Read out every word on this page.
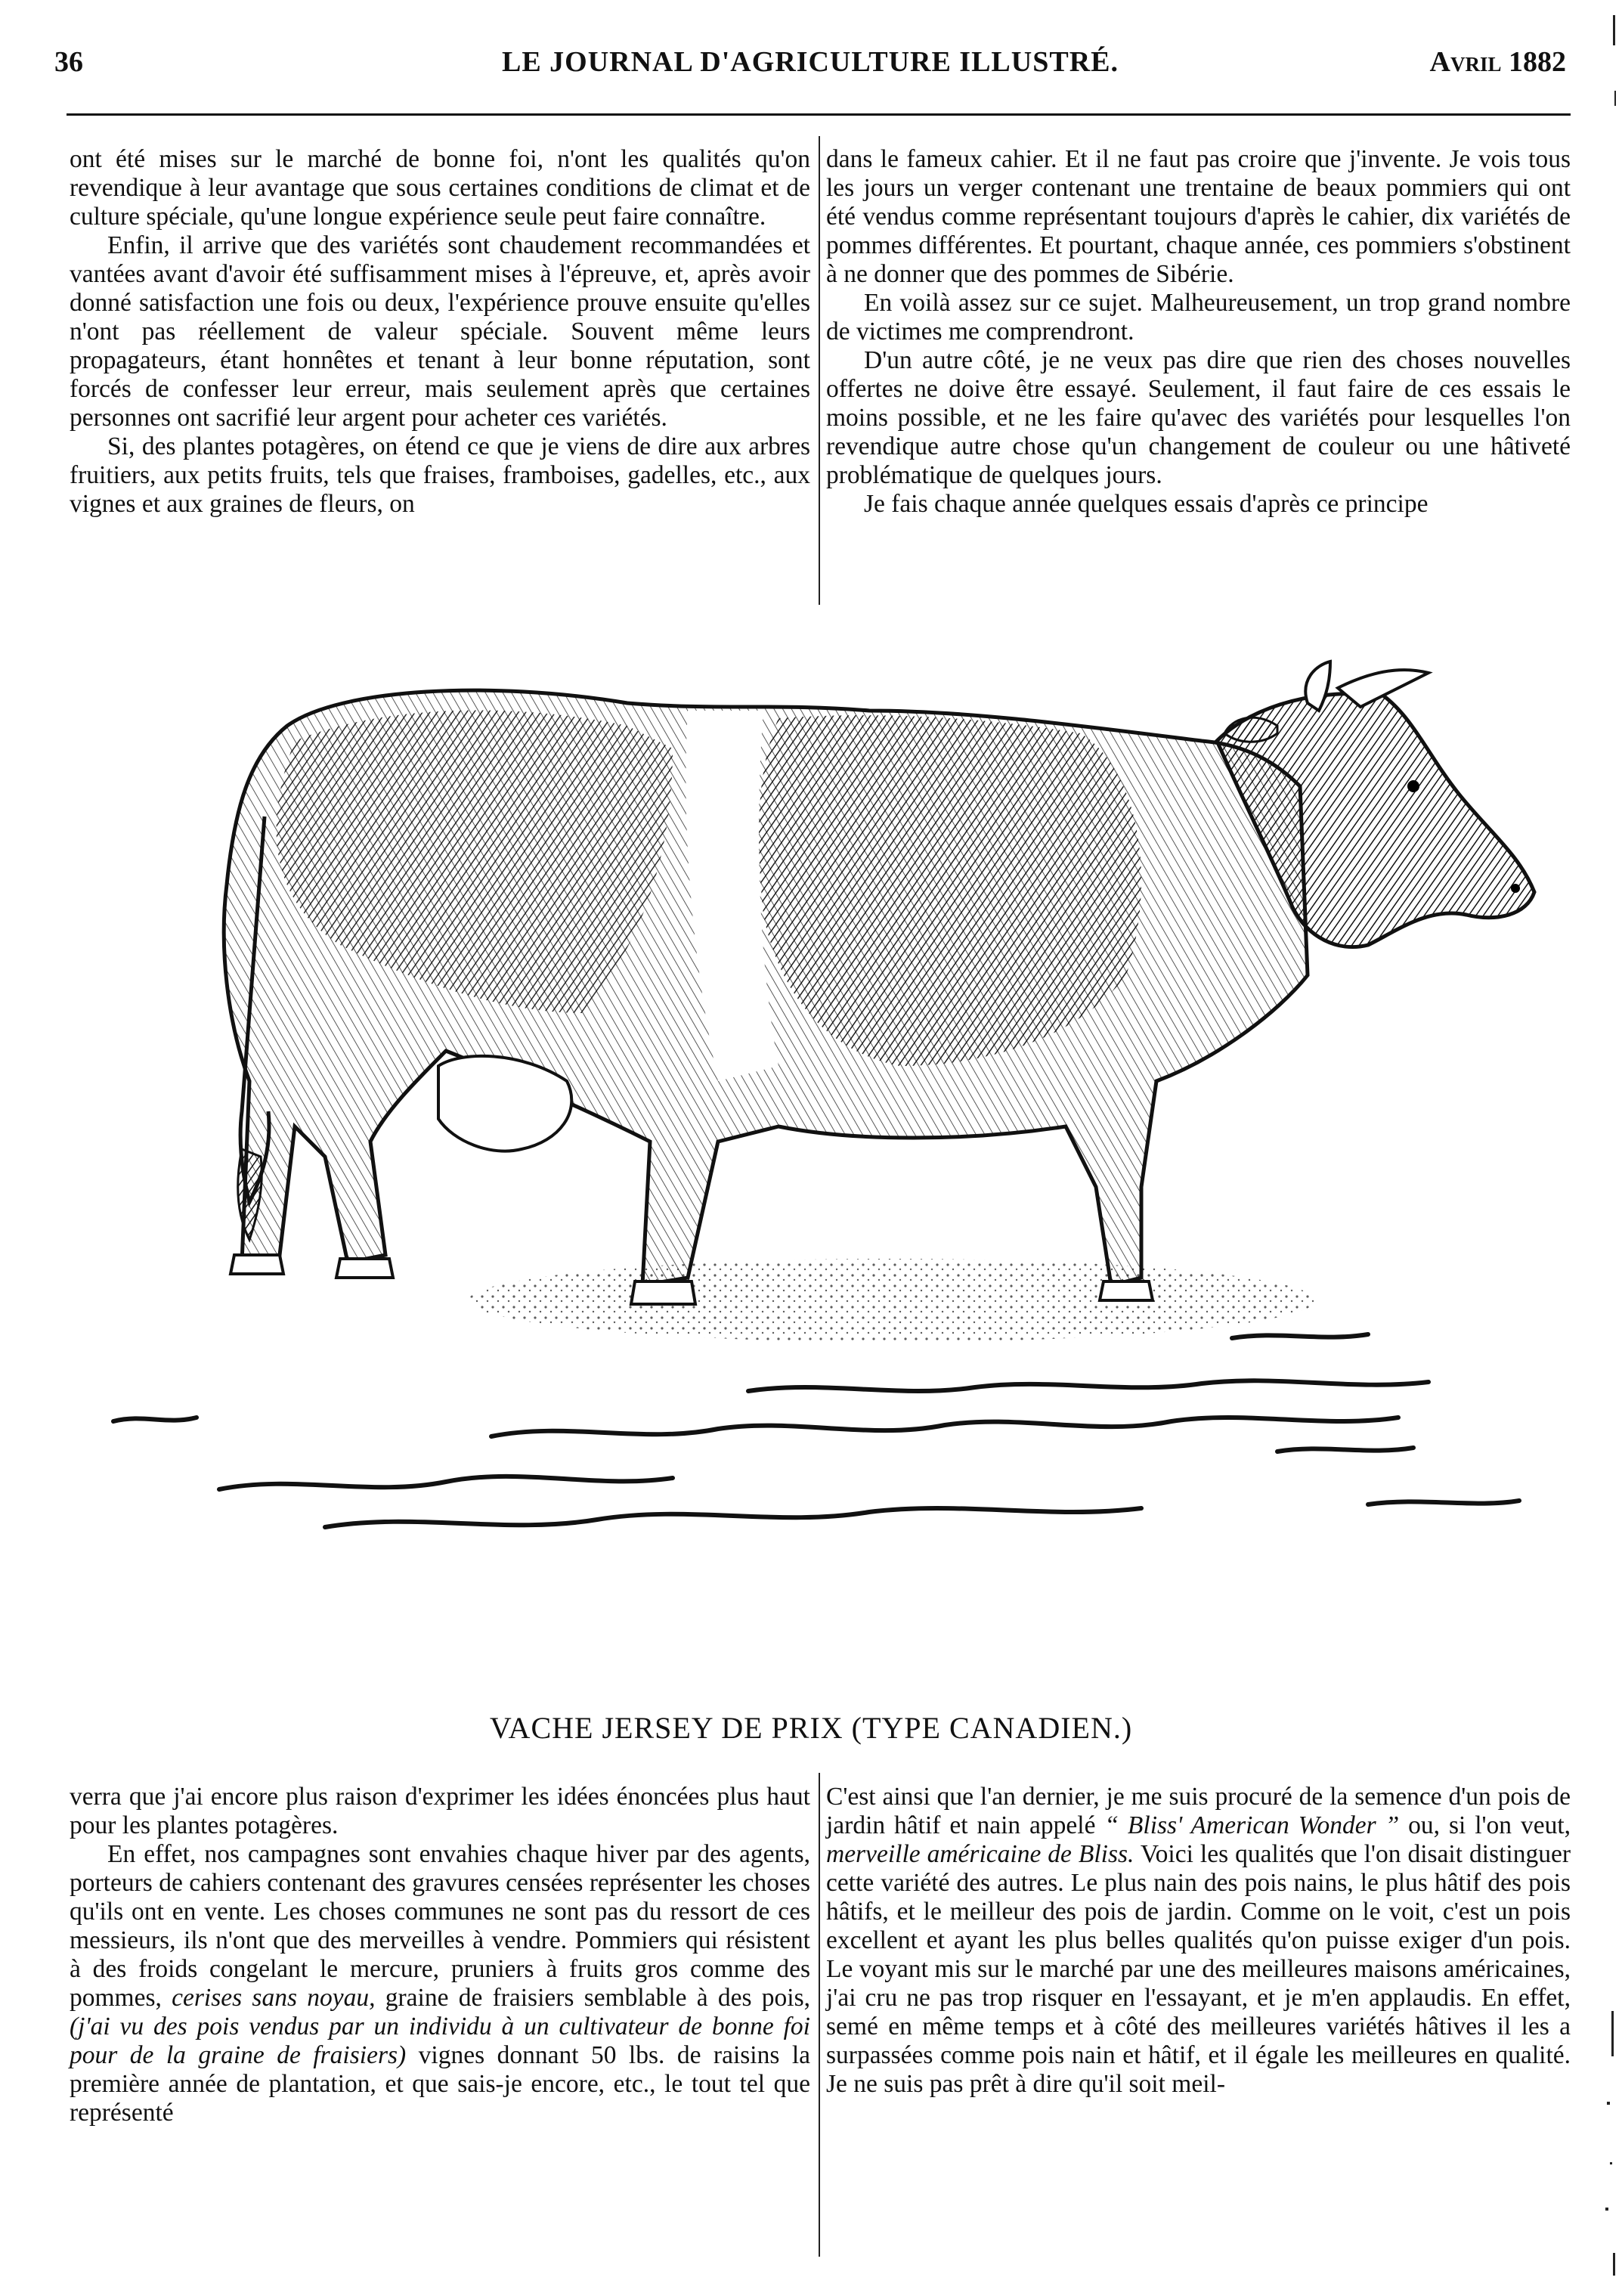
36	LE JOURNAL D'AGRICULTURE ILLUSTRÉ.	Avril 1882

ont été mises sur le marché de bonne foi, n'ont les qualités qu'on revendique à leur avantage que sous certaines conditions de climat et de culture spéciale, qu'une longue expérience seule peut faire connaître.

Enfin, il arrive que des variétés sont chaudement recommandées et vantées avant d'avoir été suffisamment mises à l'épreuve, et, après avoir donné satisfaction une fois ou deux, l'expérience prouve ensuite qu'elles n'ont pas réellement de valeur spéciale. Souvent même leurs propagateurs, étant honnêtes et tenant à leur bonne réputation, sont forcés de confesser leur erreur, mais seulement après que certaines personnes ont sacrifié leur argent pour acheter ces variétés.

Si, des plantes potagères, on étend ce que je viens de dire aux arbres fruitiers, aux petits fruits, tels que fraises, framboises, gadelles, etc., aux vignes et aux graines de fleurs, on

dans le fameux cahier. Et il ne faut pas croire que j'invente. Je vois tous les jours un verger contenant une trentaine de beaux pommiers qui ont été vendus comme représentant toujours d'après le cahier, dix variétés de pommes différentes. Et pourtant, chaque année, ces pommiers s'obstinent à ne donner que des pommes de Sibérie.

En voilà assez sur ce sujet. Malheureusement, un trop grand nombre de victimes me comprendront.

D'un autre côté, je ne veux pas dire que rien des choses nouvelles offertes ne doive être essayé. Seulement, il faut faire de ces essais le moins possible, et ne les faire qu'avec des variétés pour lesquelles l'on revendique autre chose qu'un changement de couleur ou une hâtiveté problématique de quelques jours.

Je fais chaque année quelques essais d'après ce principe

VACHE JERSEY DE PRIX (TYPE CANADIEN.)

verra que j'ai encore plus raison d'exprimer les idées énoncées plus haut pour les plantes potagères.

En effet, nos campagnes sont envahies chaque hiver par des agents, porteurs de cahiers contenant des gravures censées représenter les choses qu'ils ont en vente. Les choses communes ne sont pas du ressort de ces messieurs, ils n'ont que des merveilles à vendre. Pommiers qui résistent à des froids congelant le mercure, pruniers à fruits gros comme des pommes, cerises sans noyau, graine de fraisiers semblable à des pois, (j'ai vu des pois vendus par un individu à un cultivateur de bonne foi pour de la graine de fraisiers) vignes donnant 50 lbs. de raisins la première année de plantation, et que sais-je encore, etc., le tout tel que représenté

C'est ainsi que l'an dernier, je me suis procuré de la semence d'un pois de jardin hâtif et nain appelé “ Bliss' American Wonder ” ou, si l'on veut, merveille américaine de Bliss. Voici les qualités que l'on disait distinguer cette variété des autres. Le plus nain des pois nains, le plus hâtif des pois hâtifs, et le meilleur des pois de jardin. Comme on le voit, c'est un pois excellent et ayant les plus belles qualités qu'on puisse exiger d'un pois. Le voyant mis sur le marché par une des meilleures maisons américaines, j'ai cru ne pas trop risquer en l'essayant, et je m'en applaudis. En effet, semé en même temps et à côté des meilleures variétés hâtives il les a surpassées comme pois nain et hâtif, et il égale les meilleures en qualité. Je ne suis pas prêt à dire qu'il soit meil-
